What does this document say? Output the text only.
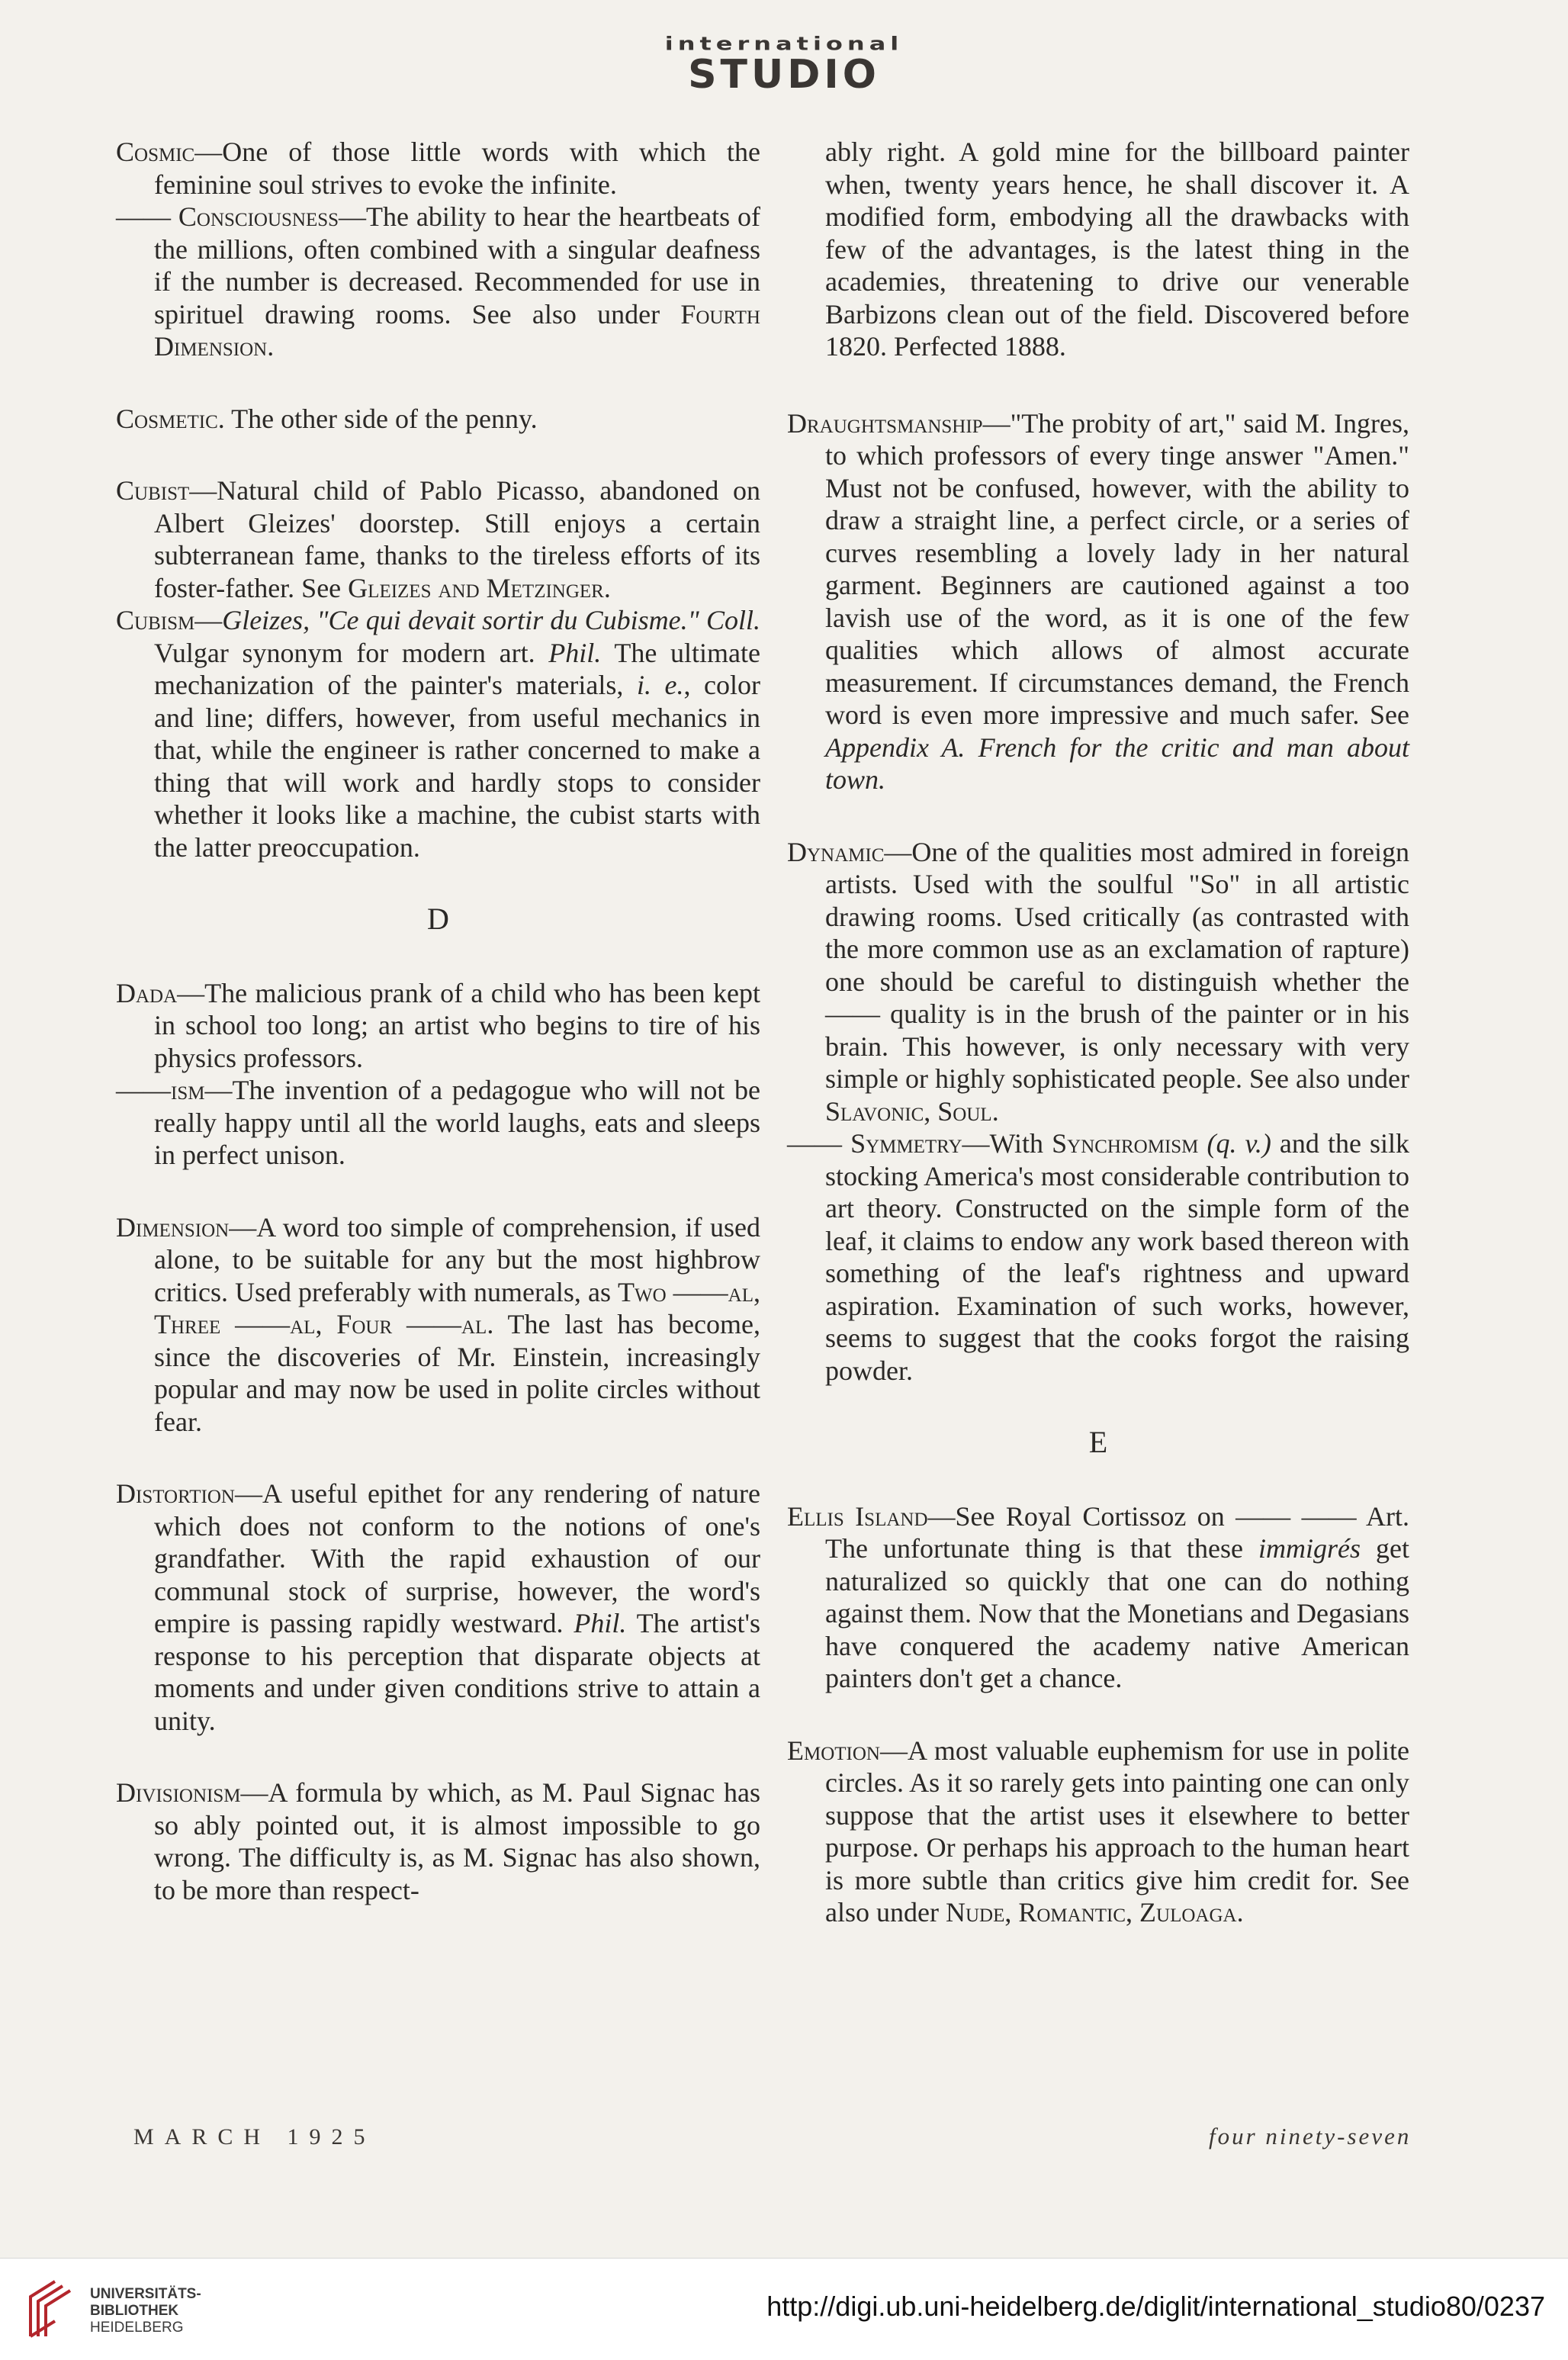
international
STUDIO
Cosmic—One of those little words with which the feminine soul strives to evoke the infinite.
—— Consciousness—The ability to hear the heartbeats of the millions, often combined with a singular deafness if the number is decreased. Recommended for use in spirituel drawing rooms. See also under Fourth Dimension.
Cosmetic. The other side of the penny.
Cubist—Natural child of Pablo Picasso, abandoned on Albert Gleizes' doorstep. Still enjoys a certain subterranean fame, thanks to the tireless efforts of its foster-father. See Gleizes and Metzinger.
Cubism—Gleizes, "Ce qui devait sortir du Cubisme." Coll. Vulgar synonym for modern art. Phil. The ultimate mechanization of the painter's materials, i. e., color and line; differs, however, from useful mechanics in that, while the engineer is rather concerned to make a thing that will work and hardly stops to consider whether it looks like a machine, the cubist starts with the latter preoccupation.
D
Dada—The malicious prank of a child who has been kept in school too long; an artist who begins to tire of his physics professors.
——ism—The invention of a pedagogue who will not be really happy until all the world laughs, eats and sleeps in perfect unison.
Dimension—A word too simple of comprehension, if used alone, to be suitable for any but the most highbrow critics. Used preferably with numerals, as Two ——al, Three ——al, Four ——al. The last has become, since the discoveries of Mr. Einstein, increasingly popular and may now be used in polite circles without fear.
Distortion—A useful epithet for any rendering of nature which does not conform to the notions of one's grandfather. With the rapid exhaustion of our communal stock of surprise, however, the word's empire is passing rapidly westward. Phil. The artist's response to his perception that disparate objects at moments and under given conditions strive to attain a unity.
Divisionism—A formula by which, as M. Paul Signac has so ably pointed out, it is almost impossible to go wrong. The difficulty is, as M. Signac has also shown, to be more than respect-
ably right. A gold mine for the billboard painter when, twenty years hence, he shall discover it. A modified form, embodying all the drawbacks with few of the advantages, is the latest thing in the academies, threatening to drive our venerable Barbizons clean out of the field. Discovered before 1820. Perfected 1888.
Draughtsmanship—"The probity of art," said M. Ingres, to which professors of every tinge answer "Amen." Must not be confused, however, with the ability to draw a straight line, a perfect circle, or a series of curves resembling a lovely lady in her natural garment. Beginners are cautioned against a too lavish use of the word, as it is one of the few qualities which allows of almost accurate measurement. If circumstances demand, the French word is even more impressive and much safer. See Appendix A. French for the critic and man about town.
Dynamic—One of the qualities most admired in foreign artists. Used with the soulful "So" in all artistic drawing rooms. Used critically (as contrasted with the more common use as an exclamation of rapture) one should be careful to distinguish whether the —— quality is in the brush of the painter or in his brain. This however, is only necessary with very simple or highly sophisticated people. See also under Slavonic, Soul.
—— Symmetry—With Synchromism (q. v.) and the silk stocking America's most considerable contribution to art theory. Constructed on the simple form of the leaf, it claims to endow any work based thereon with something of the leaf's rightness and upward aspiration. Examination of such works, however, seems to suggest that the cooks forgot the raising powder.
E
Ellis Island—See Royal Cortissoz on —— —— Art. The unfortunate thing is that these immigrés get naturalized so quickly that one can do nothing against them. Now that the Monetians and Degasians have conquered the academy native American painters don't get a chance.
Emotion—A most valuable euphemism for use in polite circles. As it so rarely gets into painting one can only suppose that the artist uses it elsewhere to better purpose. Or perhaps his approach to the human heart is more subtle than critics give him credit for. See also under Nude, Romantic, Zuloaga.
MARCH 1925	four ninety-seven
UNIVERSITÄTS-
BIBLIOTHEK
HEIDELBERG
http://digi.ub.uni-heidelberg.de/diglit/international_studio80/0237
